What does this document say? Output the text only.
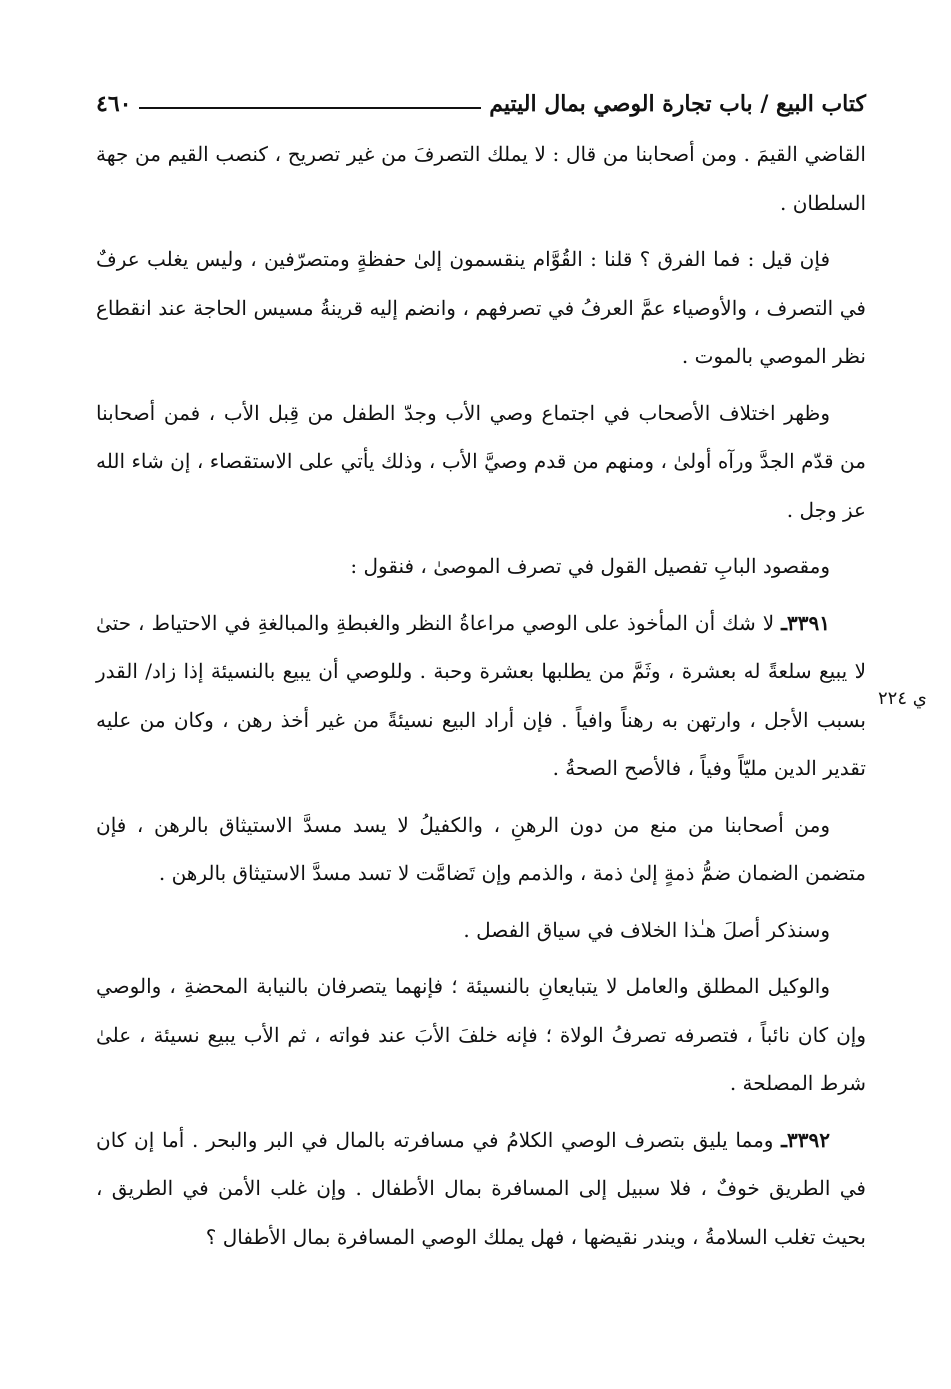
كتاب البيع / باب تجارة الوصي بمال اليتيم
٤٦٠
ي ٢٢٤

القاضي القيمَ . ومن أصحابنا من قال : لا يملك التصرفَ من غير تصريح ، كنصب القيم من جهة السلطان .

فإن قيل : فما الفرق ؟ قلنا : القُوَّام ينقسمون إلىٰ حفظةٍ ومتصرّفين ، وليس يغلب عرفٌ في التصرف ، والأوصياء عمَّ العرفُ في تصرفهم ، وانضم إليه قرينةُ مسيس الحاجة عند انقطاع نظر الموصي بالموت .

وظهر اختلاف الأصحاب في اجتماع وصي الأب وجدّ الطفل من قِبل الأب ، فمن أصحابنا من قدّم الجدَّ ورآه أولىٰ ، ومنهم من قدم وصيَّ الأب ، وذلك يأتي على الاستقصاء ، إن شاء الله عز وجل .

ومقصود البابِ تفصيل القول في تصرف الموصىٰ ، فنقول :

٣٣٩١ـ لا شك أن المأخوذ على الوصي مراعاةُ النظر والغبطةِ والمبالغةِ في الاحتياط ، حتىٰ لا يبيع سلعةً له بعشرة ، وثَمَّ من يطلبها بعشرة وحبة . وللوصي أن يبيع بالنسيئة إذا زاد/ القدر بسبب الأجل ، وارتهن به رهناً وافياً . فإن أراد البيع نسيئةً من غير أخذ رهن ، وكان من عليه تقدير الدين مليّاً وفياً ، فالأصح الصحةُ .

ومن أصحابنا من منع من دون الرهنِ ، والكفيلُ لا يسد مسدَّ الاستيثاق بالرهن ، فإن متضمن الضمان ضمُّ ذمةٍ إلىٰ ذمة ، والذمم وإن تَضامَّت لا تسد مسدَّ الاستيثاق بالرهن .

وسنذكر أصلَ هـٰذا الخلاف في سياق الفصل .

والوكيل المطلق والعامل لا يتبايعانِ بالنسيئة ؛ فإنهما يتصرفان بالنيابة المحضةِ ، والوصي وإن كان نائباً ، فتصرفه تصرفُ الولاة ؛ فإنه خلفَ الأبَ عند فواته ، ثم الأب يبيع نسيئة ، علىٰ شرط المصلحة .

٣٣٩٢ـ ومما يليق بتصرف الوصي الكلامُ في مسافرته بالمال في البر والبحر . أما إن كان في الطريق خوفٌ ، فلا سبيل إلى المسافرة بمال الأطفال . وإن غلب الأمن في الطريق ، بحيث تغلب السلامةُ ، ويندر نقيضها ، فهل يملك الوصي المسافرة بمال الأطفال ؟
